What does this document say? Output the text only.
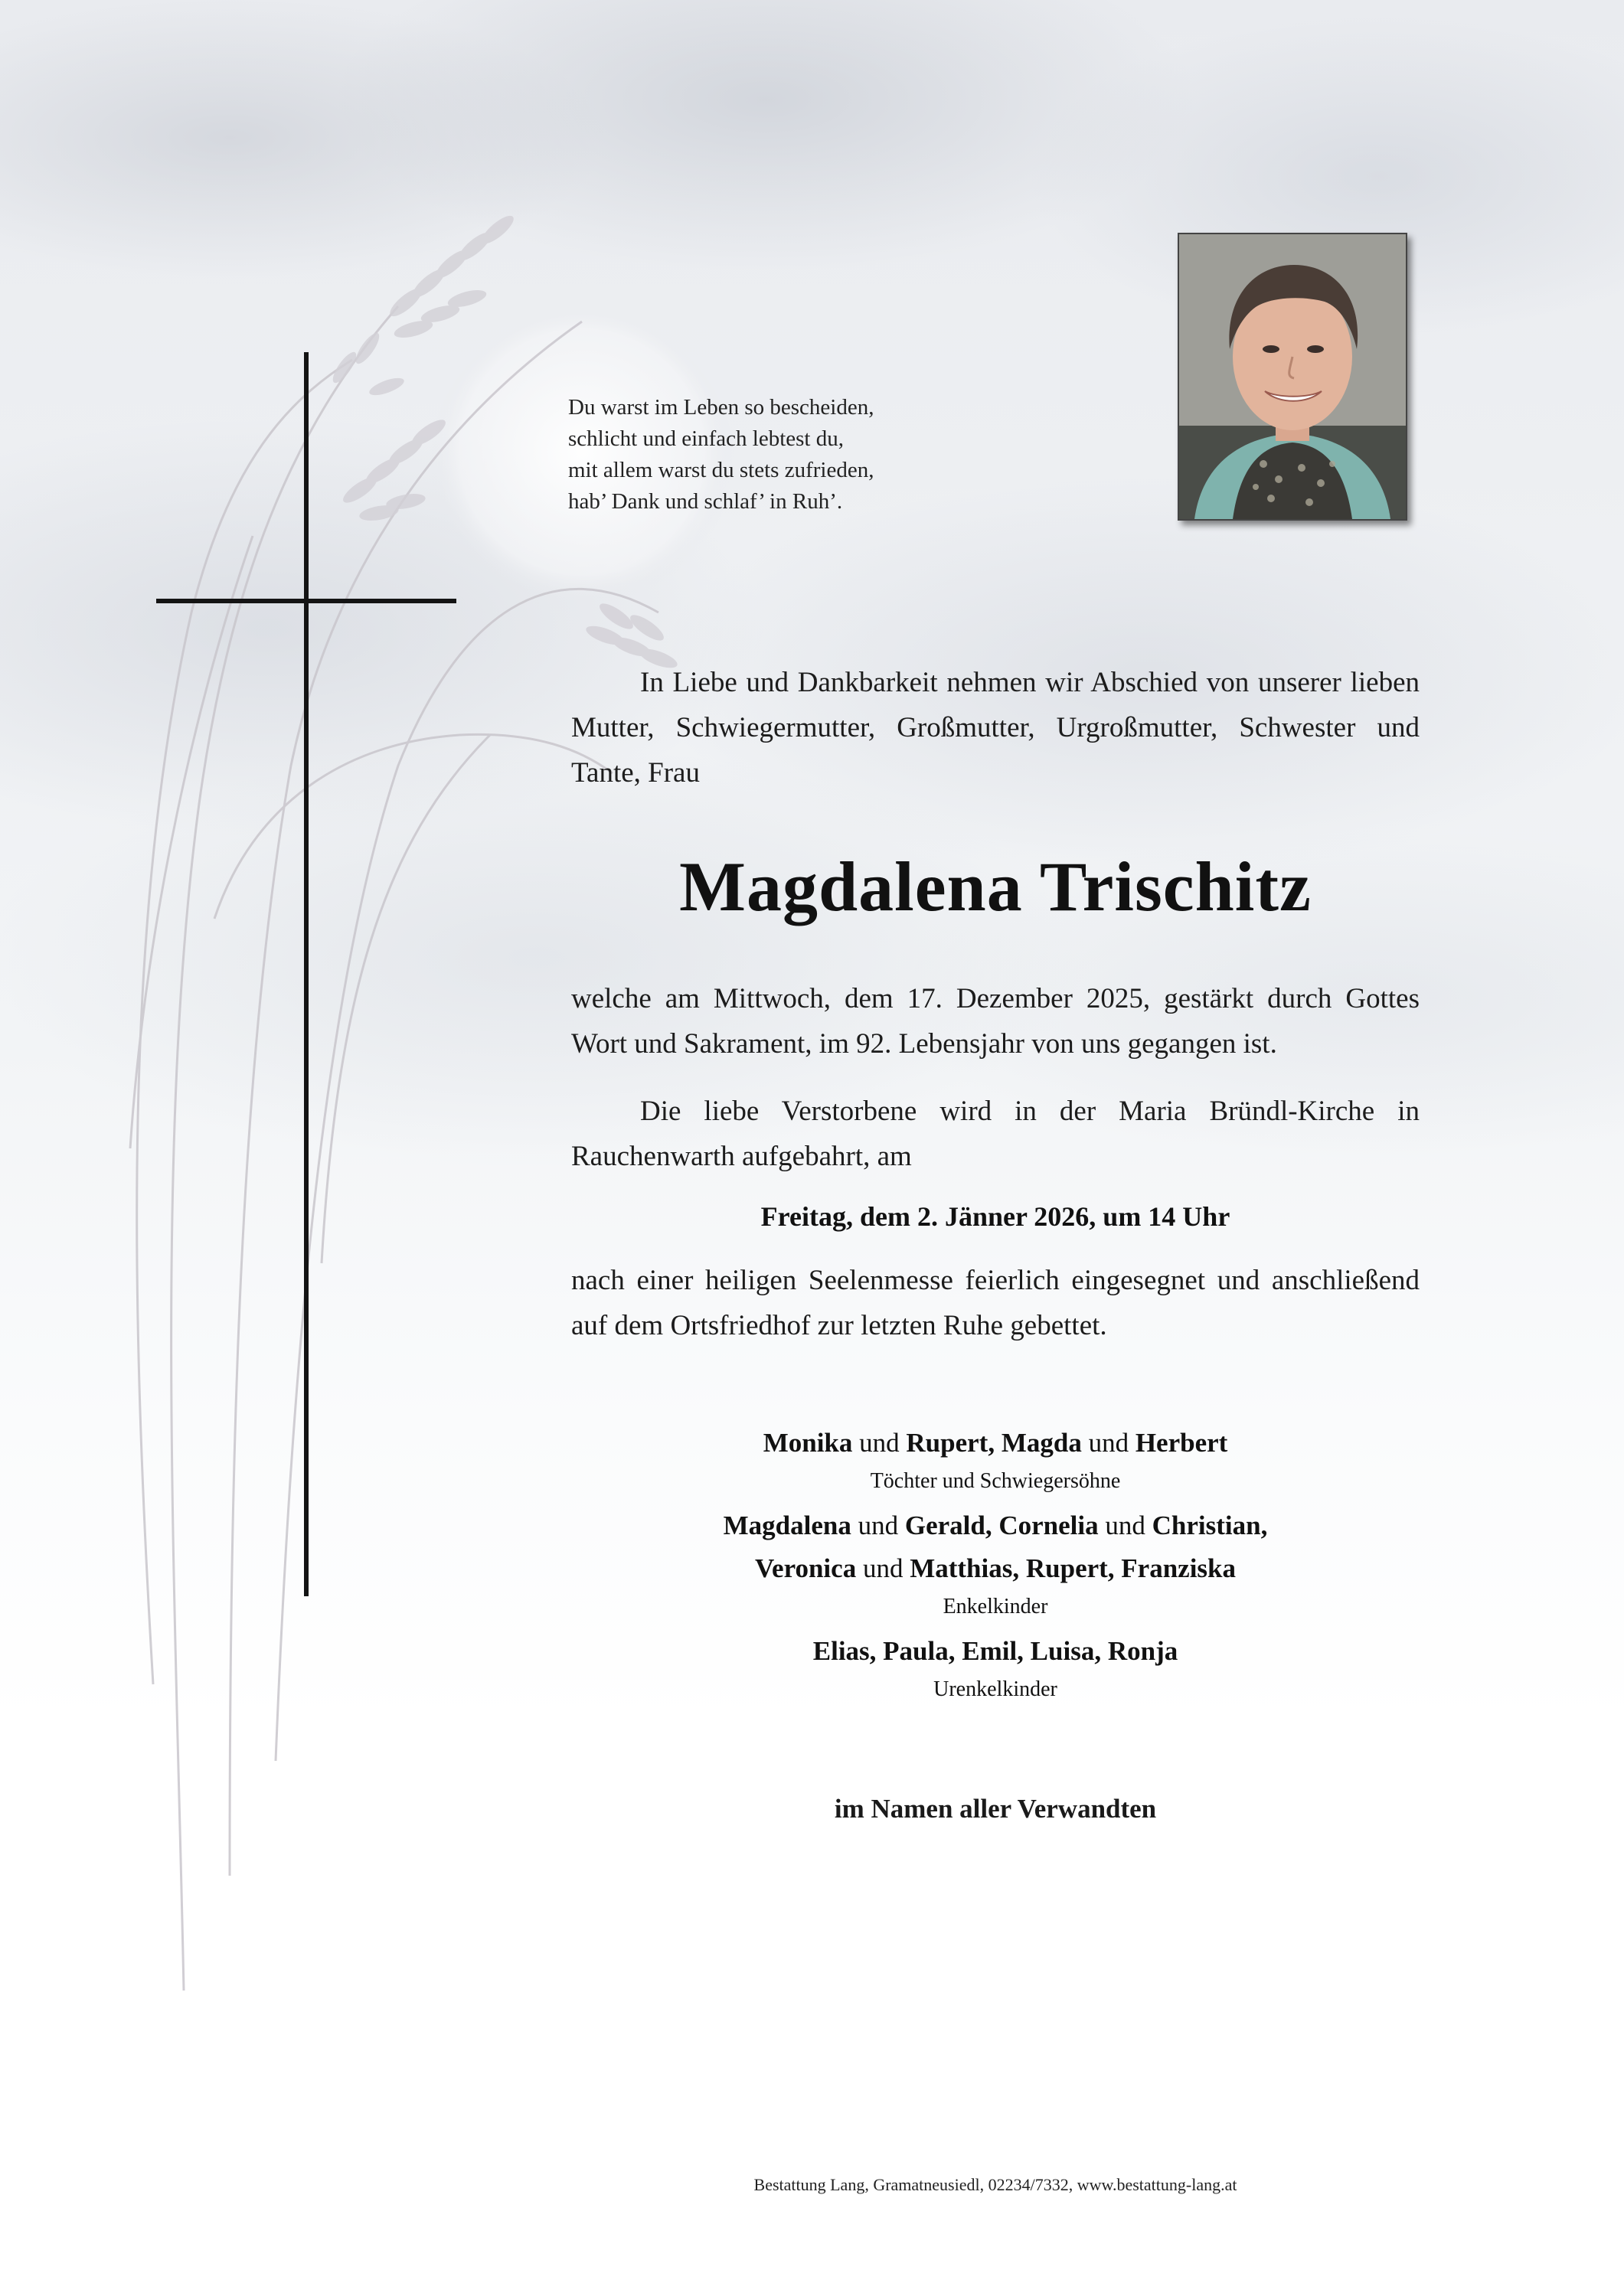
Du warst im Leben so bescheiden,
schlicht und einfach lebtest du,
mit allem warst du stets zufrieden,
hab’ Dank und schlaf’ in Ruh’.
In Liebe und Dankbarkeit nehmen wir Abschied von unserer lieben Mutter, Schwiegermutter, Großmutter, Urgroßmutter, Schwester und Tante, Frau
Magdalena Trischitz
welche am Mittwoch, dem 17. Dezember 2025, gestärkt durch Gottes Wort und Sakrament, im 92. Lebensjahr von uns gegangen ist.
Die liebe Verstorbene wird in der Maria Bründl-Kirche in Rauchenwarth aufgebahrt, am
Freitag, dem 2. Jänner 2026, um 14 Uhr
nach einer heiligen Seelenmesse feierlich eingesegnet und anschließend auf dem Ortsfriedhof zur letzten Ruhe gebettet.
Monika und Rupert, Magda und Herbert
Töchter und Schwiegersöhne
Magdalena und Gerald, Cornelia und Christian,
Veronica und Matthias, Rupert, Franziska
Enkelkinder
Elias, Paula, Emil, Luisa, Ronja
Urenkelkinder
im Namen aller Verwandten
Bestattung Lang, Gramatneusiedl, 02234/7332, www.bestattung-lang.at
